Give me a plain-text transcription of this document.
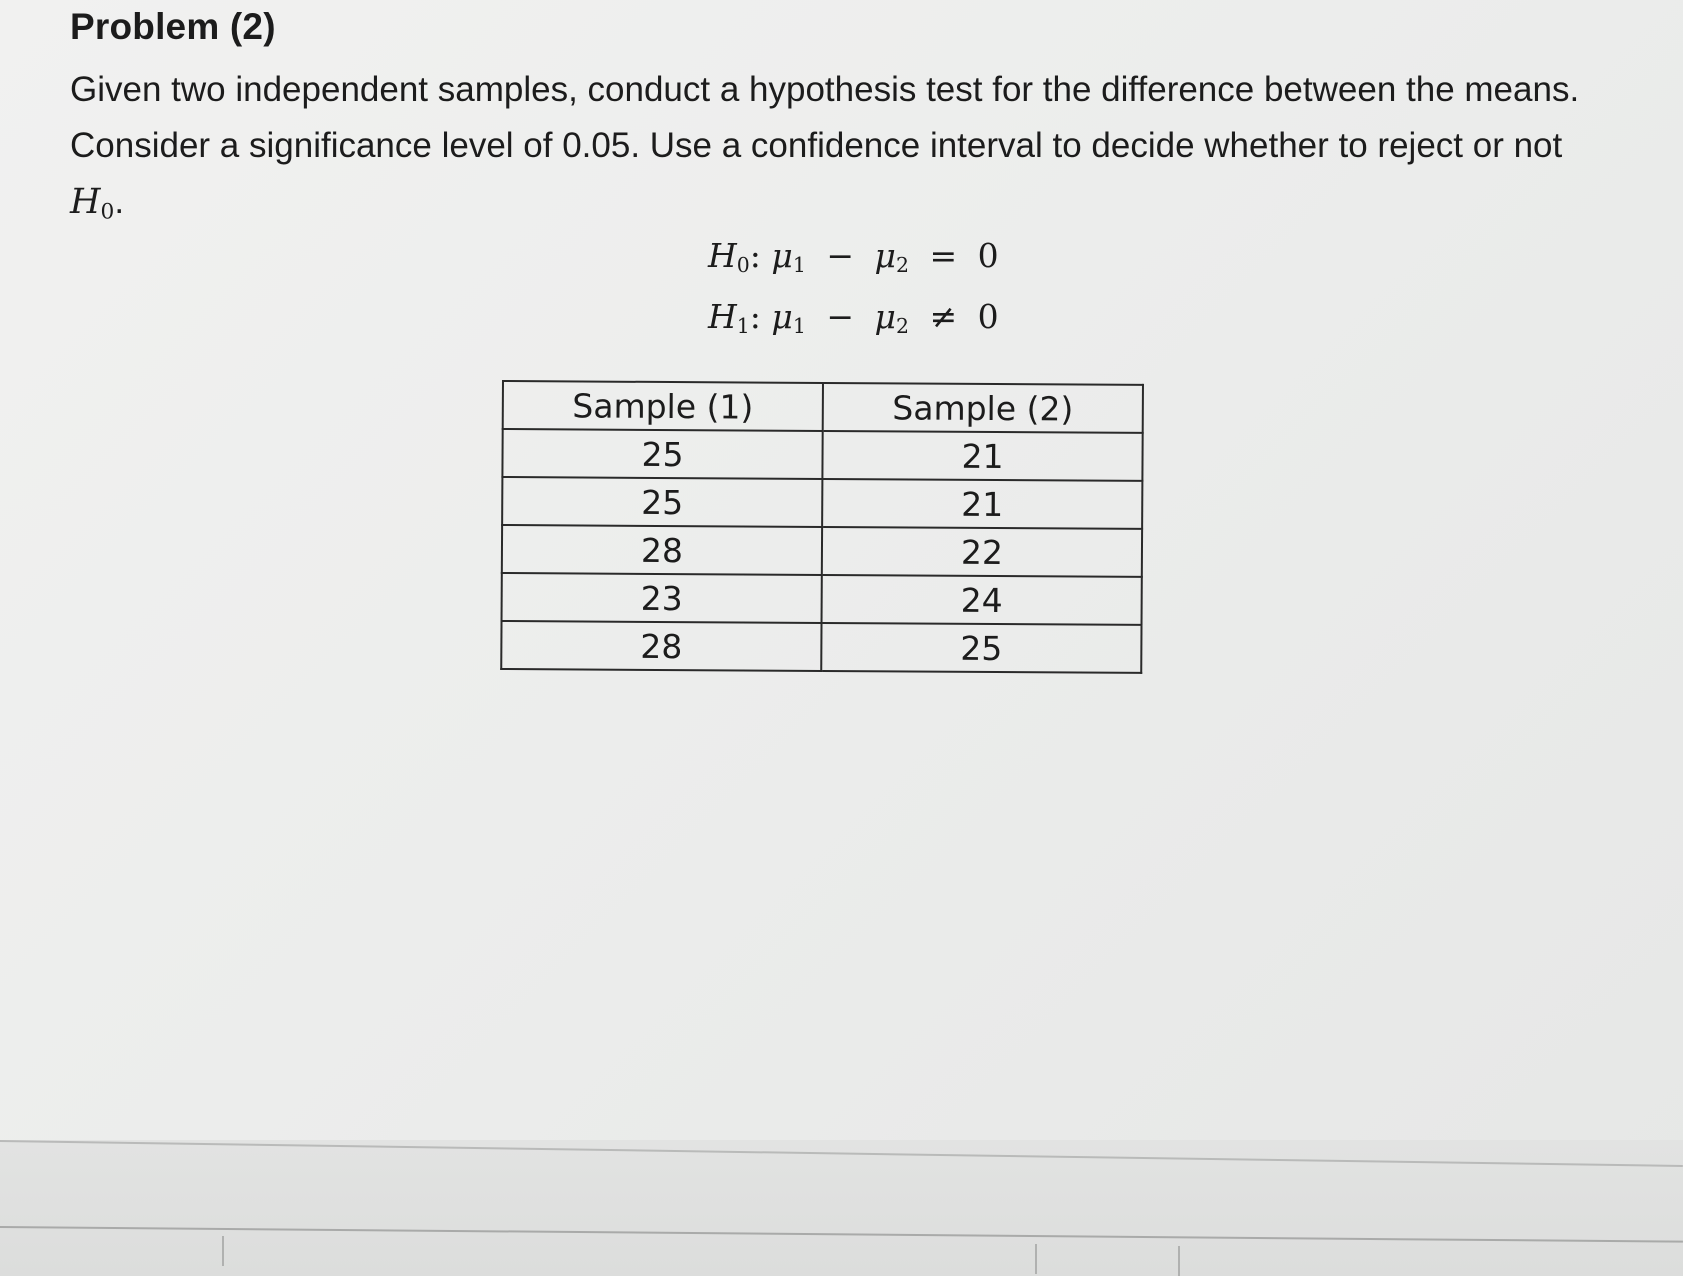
Problem (2)

Given two independent samples, conduct a hypothesis test for the difference between the means.
Consider a significance level of 0.05. Use a confidence interval to decide whether to reject or not
$H_0$.

$H_0$: $\mu_1 - \mu_2 = 0$
$H_1$: $\mu_1 - \mu_2 \ne 0$
Sample (1)	Sample (2)
25	21
25	21
28	22
23	24
28	25
